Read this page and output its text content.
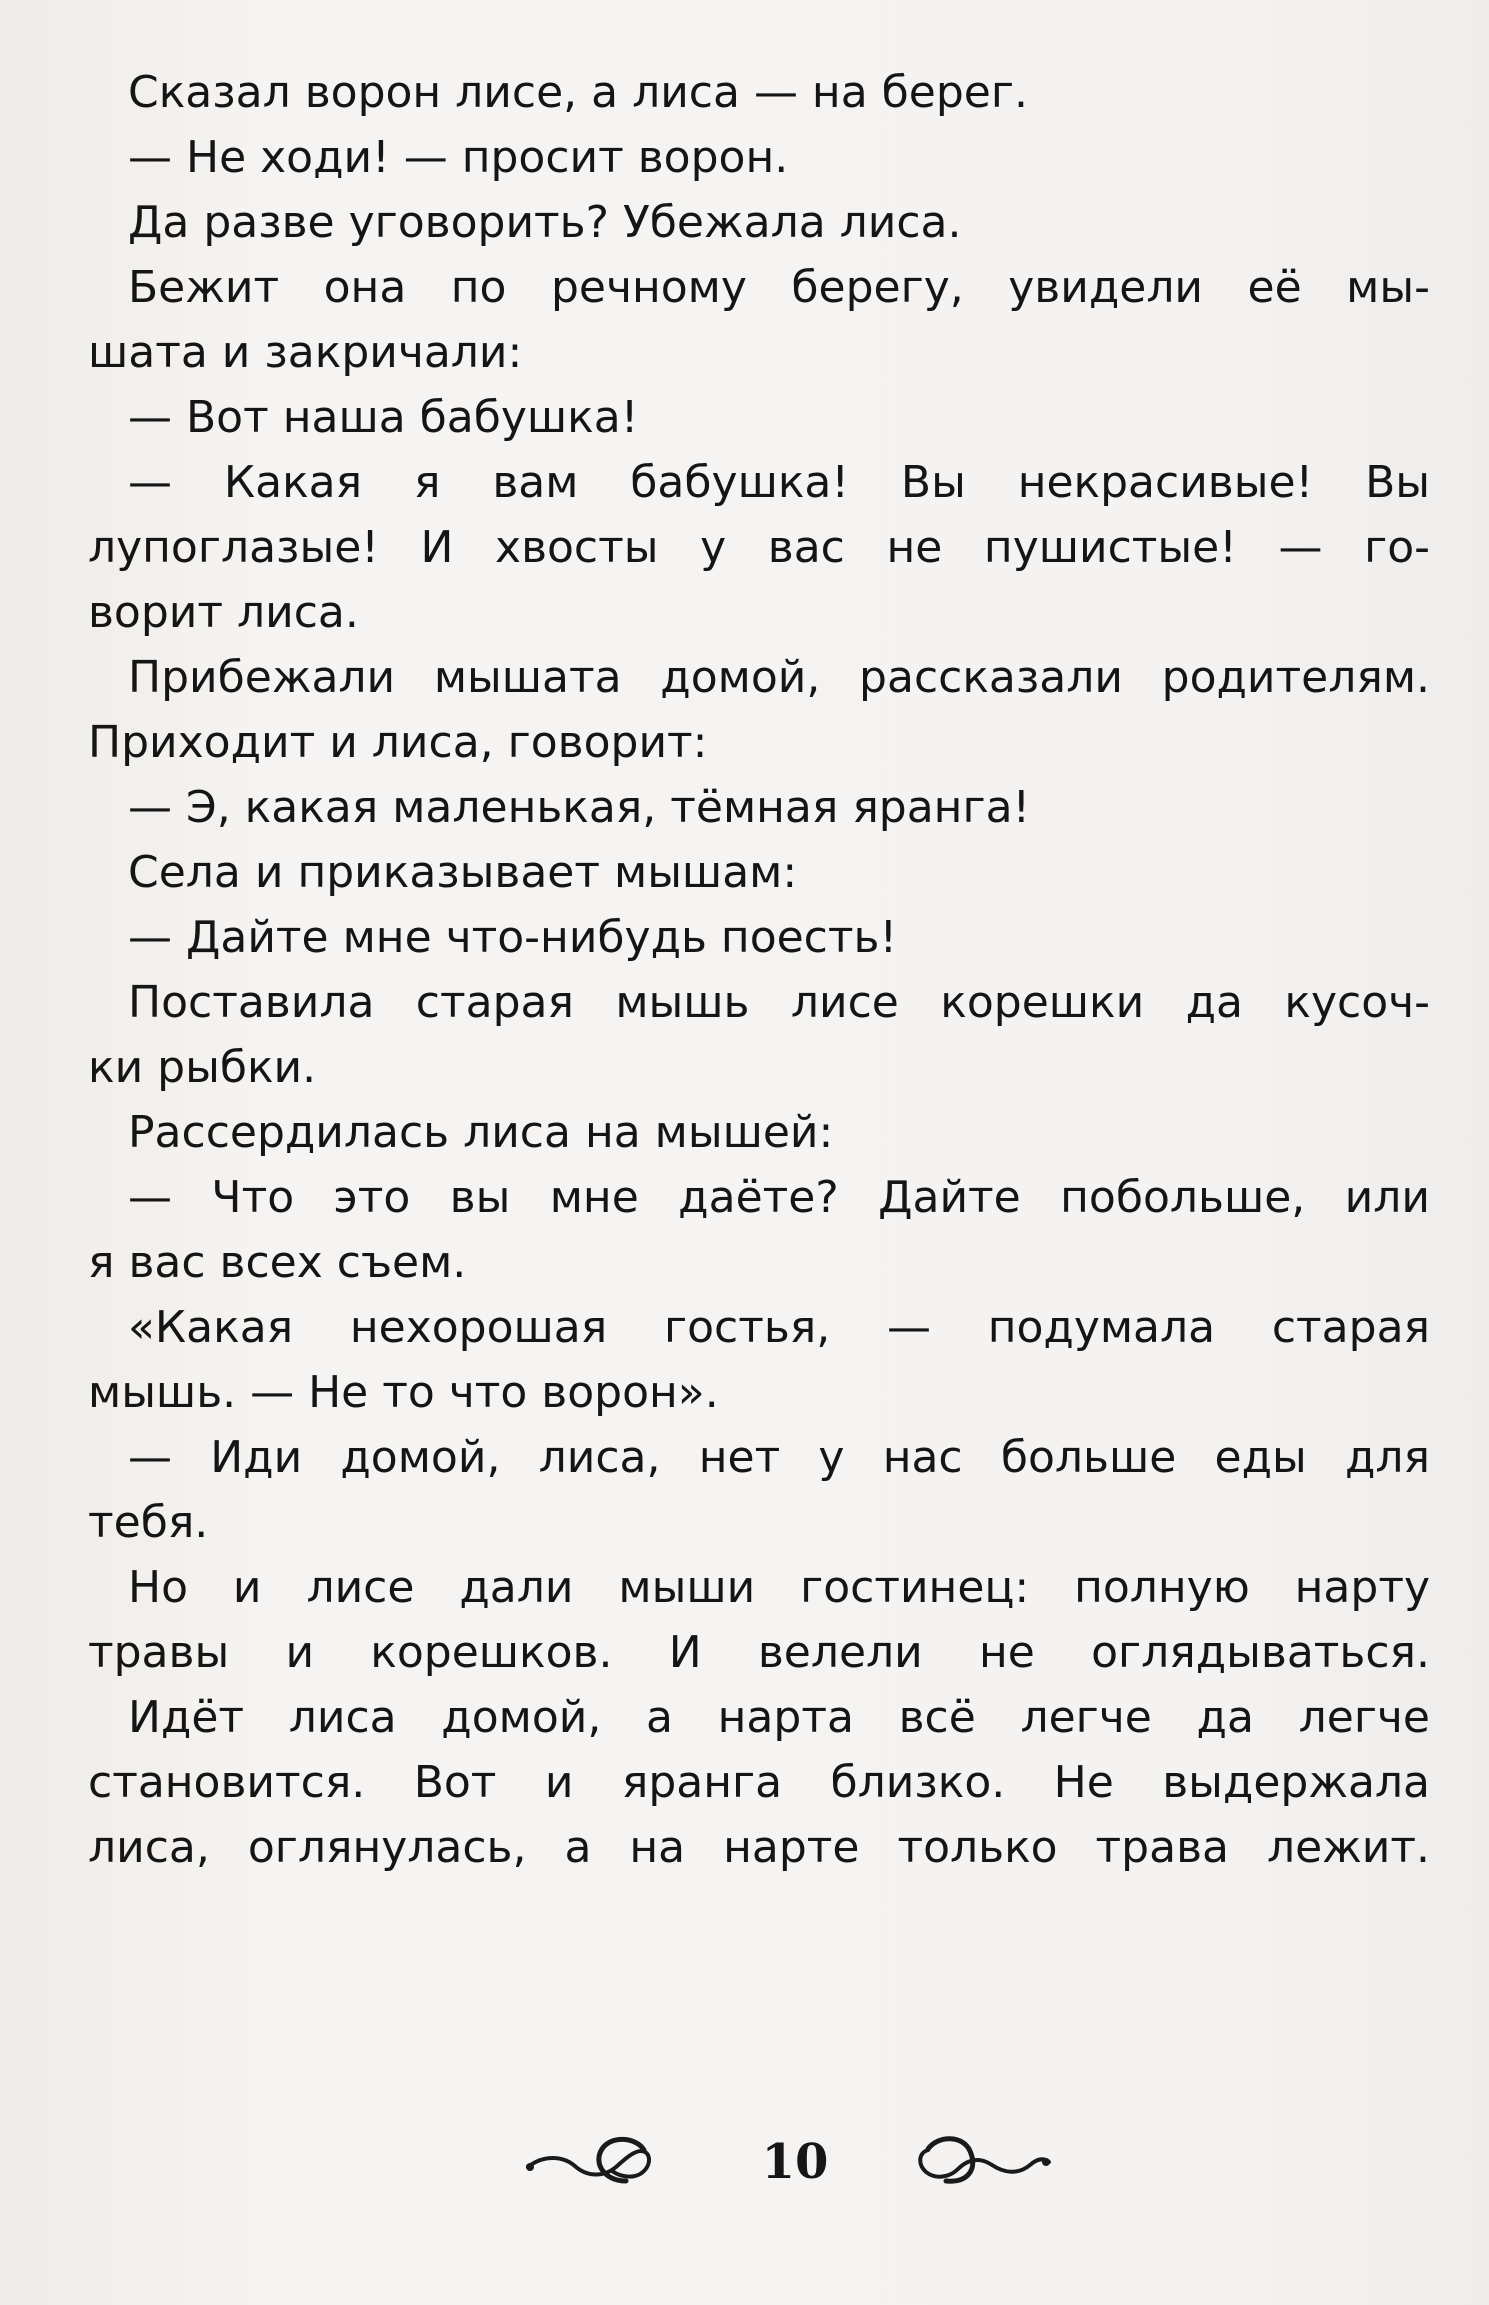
Сказал ворон лисе, а лиса — на берег.
— Не ходи! — просит ворон.
Да разве уговорить? Убежала лиса.
Бежит она по речному берегу, увидели её мы-
шата и закричали:
— Вот наша бабушка!
— Какая я вам бабушка! Вы некрасивые! Вы
лупоглазые! И хвосты у вас не пушистые! — го-
ворит лиса.
Прибежали мышата домой, рассказали родителям.
Приходит и лиса, говорит:
— Э, какая маленькая, тёмная яранга!
Села и приказывает мышам:
— Дайте мне что-нибудь поесть!
Поставила старая мышь лисе корешки да кусоч-
ки рыбки.
Рассердилась лиса на мышей:
— Что это вы мне даёте? Дайте побольше, или
я вас всех съем.
«Какая нехорошая гостья, — подумала старая
мышь. — Не то что ворон».
— Иди домой, лиса, нет у нас больше еды для
тебя.
Но и лисе дали мыши гостинец: полную нарту
травы и корешков. И велели не оглядываться.
Идёт лиса домой, а нарта всё легче да легче
становится. Вот и яранга близко. Не выдержала
лиса, оглянулась, а на нарте только трава лежит.
10
